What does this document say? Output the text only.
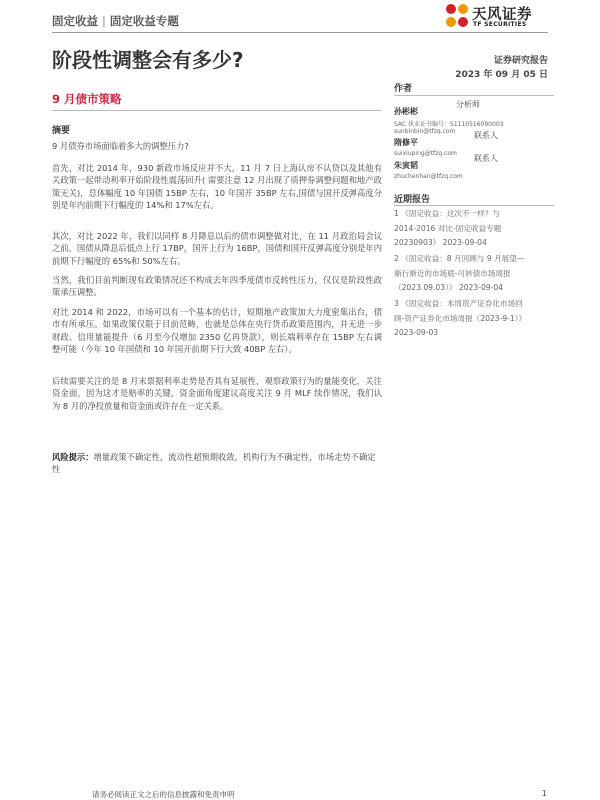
固定收益 | 固定收益专题	天风证券
TF SECURITIES
阶段性调整会有多少?	证券研究报告
2023 年 09 月 05 日
9 月债市策略
摘要

9 月债券市场面临着多大的调整压力?

首先，对比 2014 年，930 新政市场反应并不大，11 月 7 日上海认房不认贷以及其他有关政策一起带动利率开始阶段性震荡回升( 需要注意 12 月出现了质押券调整问题和地产政策无关)，总体幅度 10 年国债 15BP 左右，10 年国开 35BP 左右,国债与国开反弹高度分别是年内前期下行幅度的 14%和 17%左右。

其次，对比 2022 年，我们以同样 8 月降息以后的债市调整做对比，在 11 月政治局会议之前，国债从降息后低点上行 17BP，国开上行为 16BP，国债和国开反弹高度分别是年内前期下行幅度的 65%和 50%左右。

当然，我们目前判断现有政策情况还不构成去年四季度债市反转性压力，仅仅是阶段性政策承压调整。

对比 2014 和 2022，市场可以有一个基本的估计，短期地产政策加大力度密集出台，债市有所承压。如果政策仅限于目前范畴，也就是总体在央行货币政策范围内，并无进一步财政、信用量能提升（6 月至今仅增加 2350 亿再贷款），则长端利率存在 15BP 左右调整可能（今年 10 年国债和 10 年国开前期下行大致 40BP 左右）。

后续需要关注的是 8 月末票据利率走势是否具有延展性，观察政策行为的量能变化，关注资金面，因为这才是赔率的关键，资金面角度建议高度关注 9 月 MLF 续作情况，我们认为 8 月的净投放量和资金面或许存在一定关系。

风险提示：增量政策不确定性，流动性超预期收敛，机构行为不确定性，市场走势不确定性
作者
孙彬彬
分析师
SAC 执业证书编号：S1110516090003
sunbinbin@tfzq.com
隋修平
联系人
suixiuping@tfzq.com
朱寅韬
联系人
zhuchenhan@tfzq.com
近期报告

1 《固定收益：这次不一样？与

2014-2016 对比-固定收益专题

20230903》 2023-09-04

2 《固定收益：8 月回顾与 9 月展望—

渐行渐近的市场底-可转债市场周报

（2023.09.03）》 2023-09-04

3 《固定收益：本周资产证券化市场回

顾-资产证券化市场周报（2023-9-1）》

2023-09-03

请务必阅读正文之后的信息披露和免责申明	1
